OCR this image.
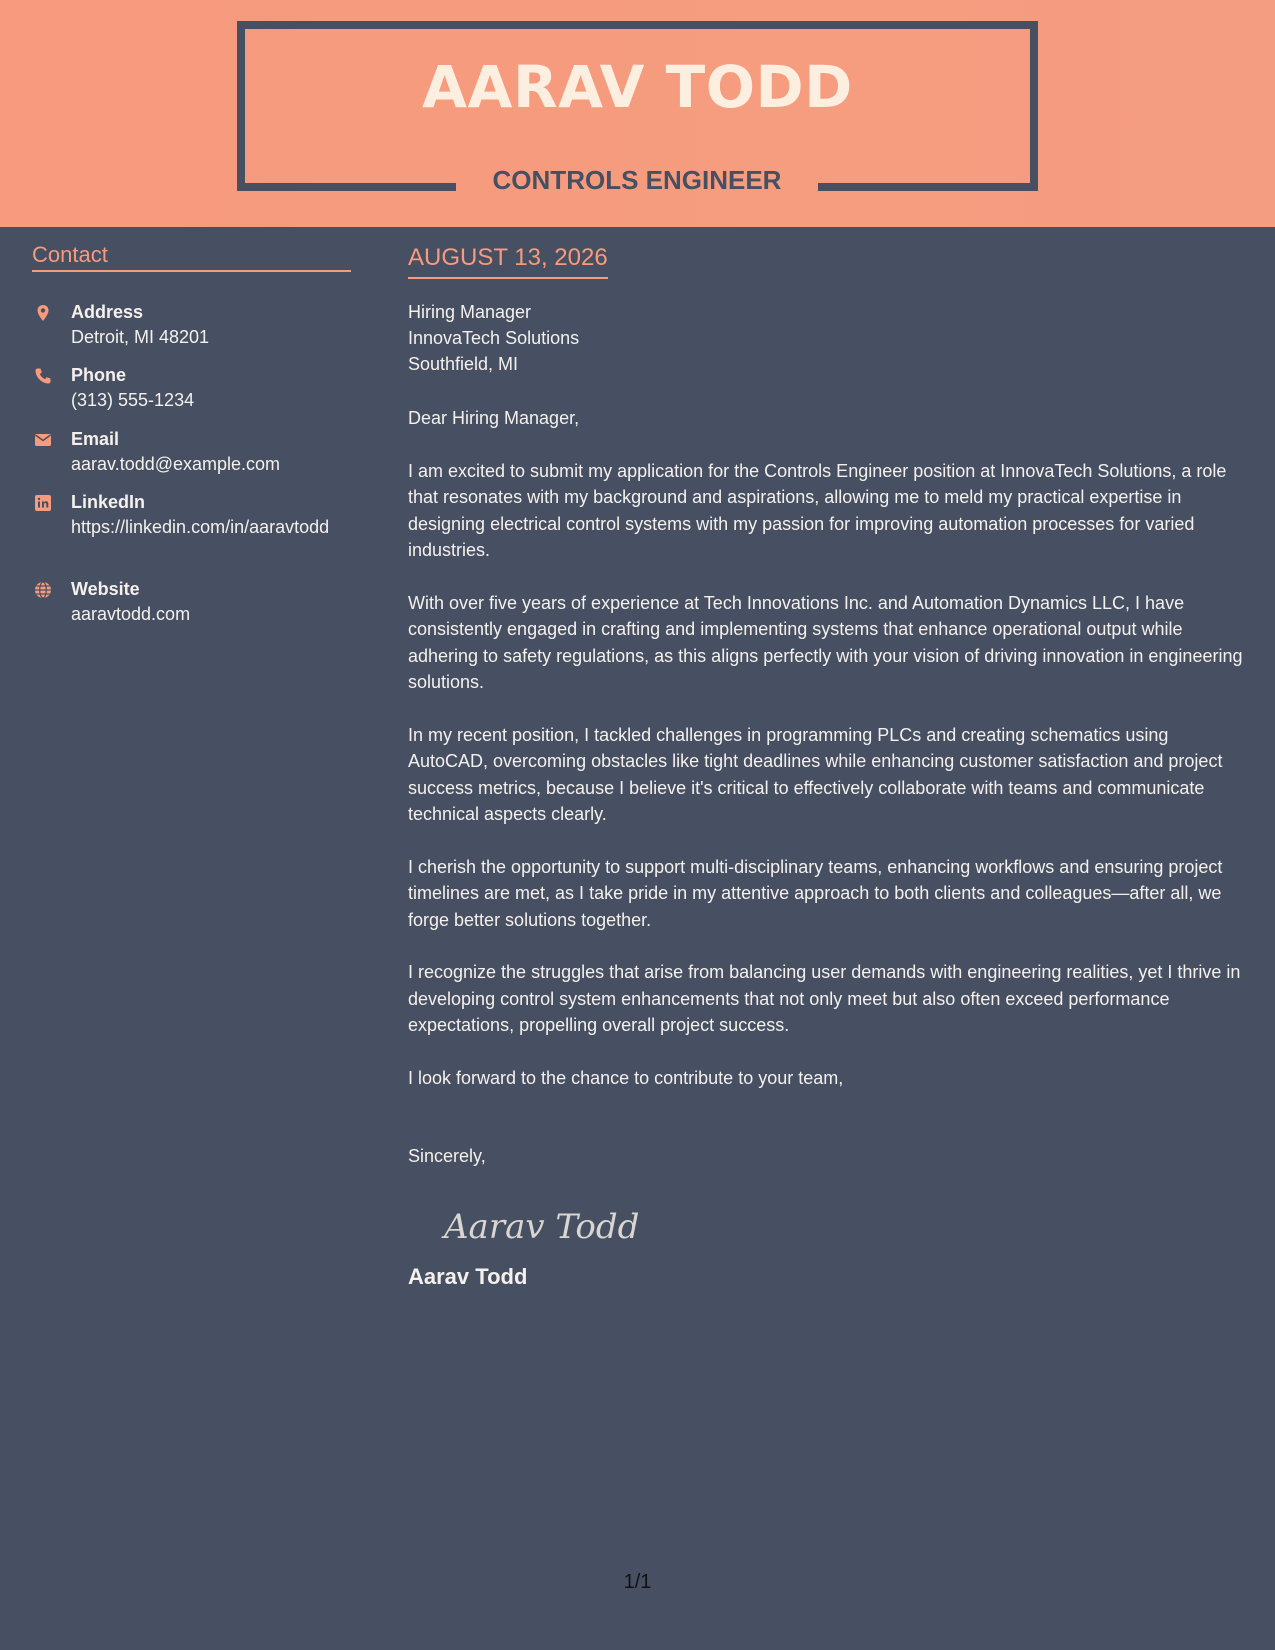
AARAV TODD
CONTROLS ENGINEER
Contact
Address
Detroit, MI 48201
Phone
(313) 555-1234
Email
aarav.todd@example.com
LinkedIn
https://linkedin.com/in/aaravtodd
Website
aaravtodd.com
AUGUST 13, 2026
Hiring Manager
InnovaTech Solutions
Southfield, MI

Dear Hiring Manager,

I am excited to submit my application for the Controls Engineer position at InnovaTech Solutions, a role that resonates with my background and aspirations, allowing me to meld my practical expertise in designing electrical control systems with my passion for improving automation processes for varied industries.

With over five years of experience at Tech Innovations Inc. and Automation Dynamics LLC, I have consistently engaged in crafting and implementing systems that enhance operational output while adhering to safety regulations, as this aligns perfectly with your vision of driving innovation in engineering solutions.

In my recent position, I tackled challenges in programming PLCs and creating schematics using AutoCAD, overcoming obstacles like tight deadlines while enhancing customer satisfaction and project success metrics, because I believe it's critical to effectively collaborate with teams and communicate technical aspects clearly.

I cherish the opportunity to support multi-disciplinary teams, enhancing workflows and ensuring project timelines are met, as I take pride in my attentive approach to both clients and colleagues—after all, we forge better solutions together.

I recognize the struggles that arise from balancing user demands with engineering realities, yet I thrive in developing control system enhancements that not only meet but also often exceed performance expectations, propelling overall project success.

I look forward to the chance to contribute to your team,

Sincerely,

Aarav Todd
Aarav Todd
1/1
